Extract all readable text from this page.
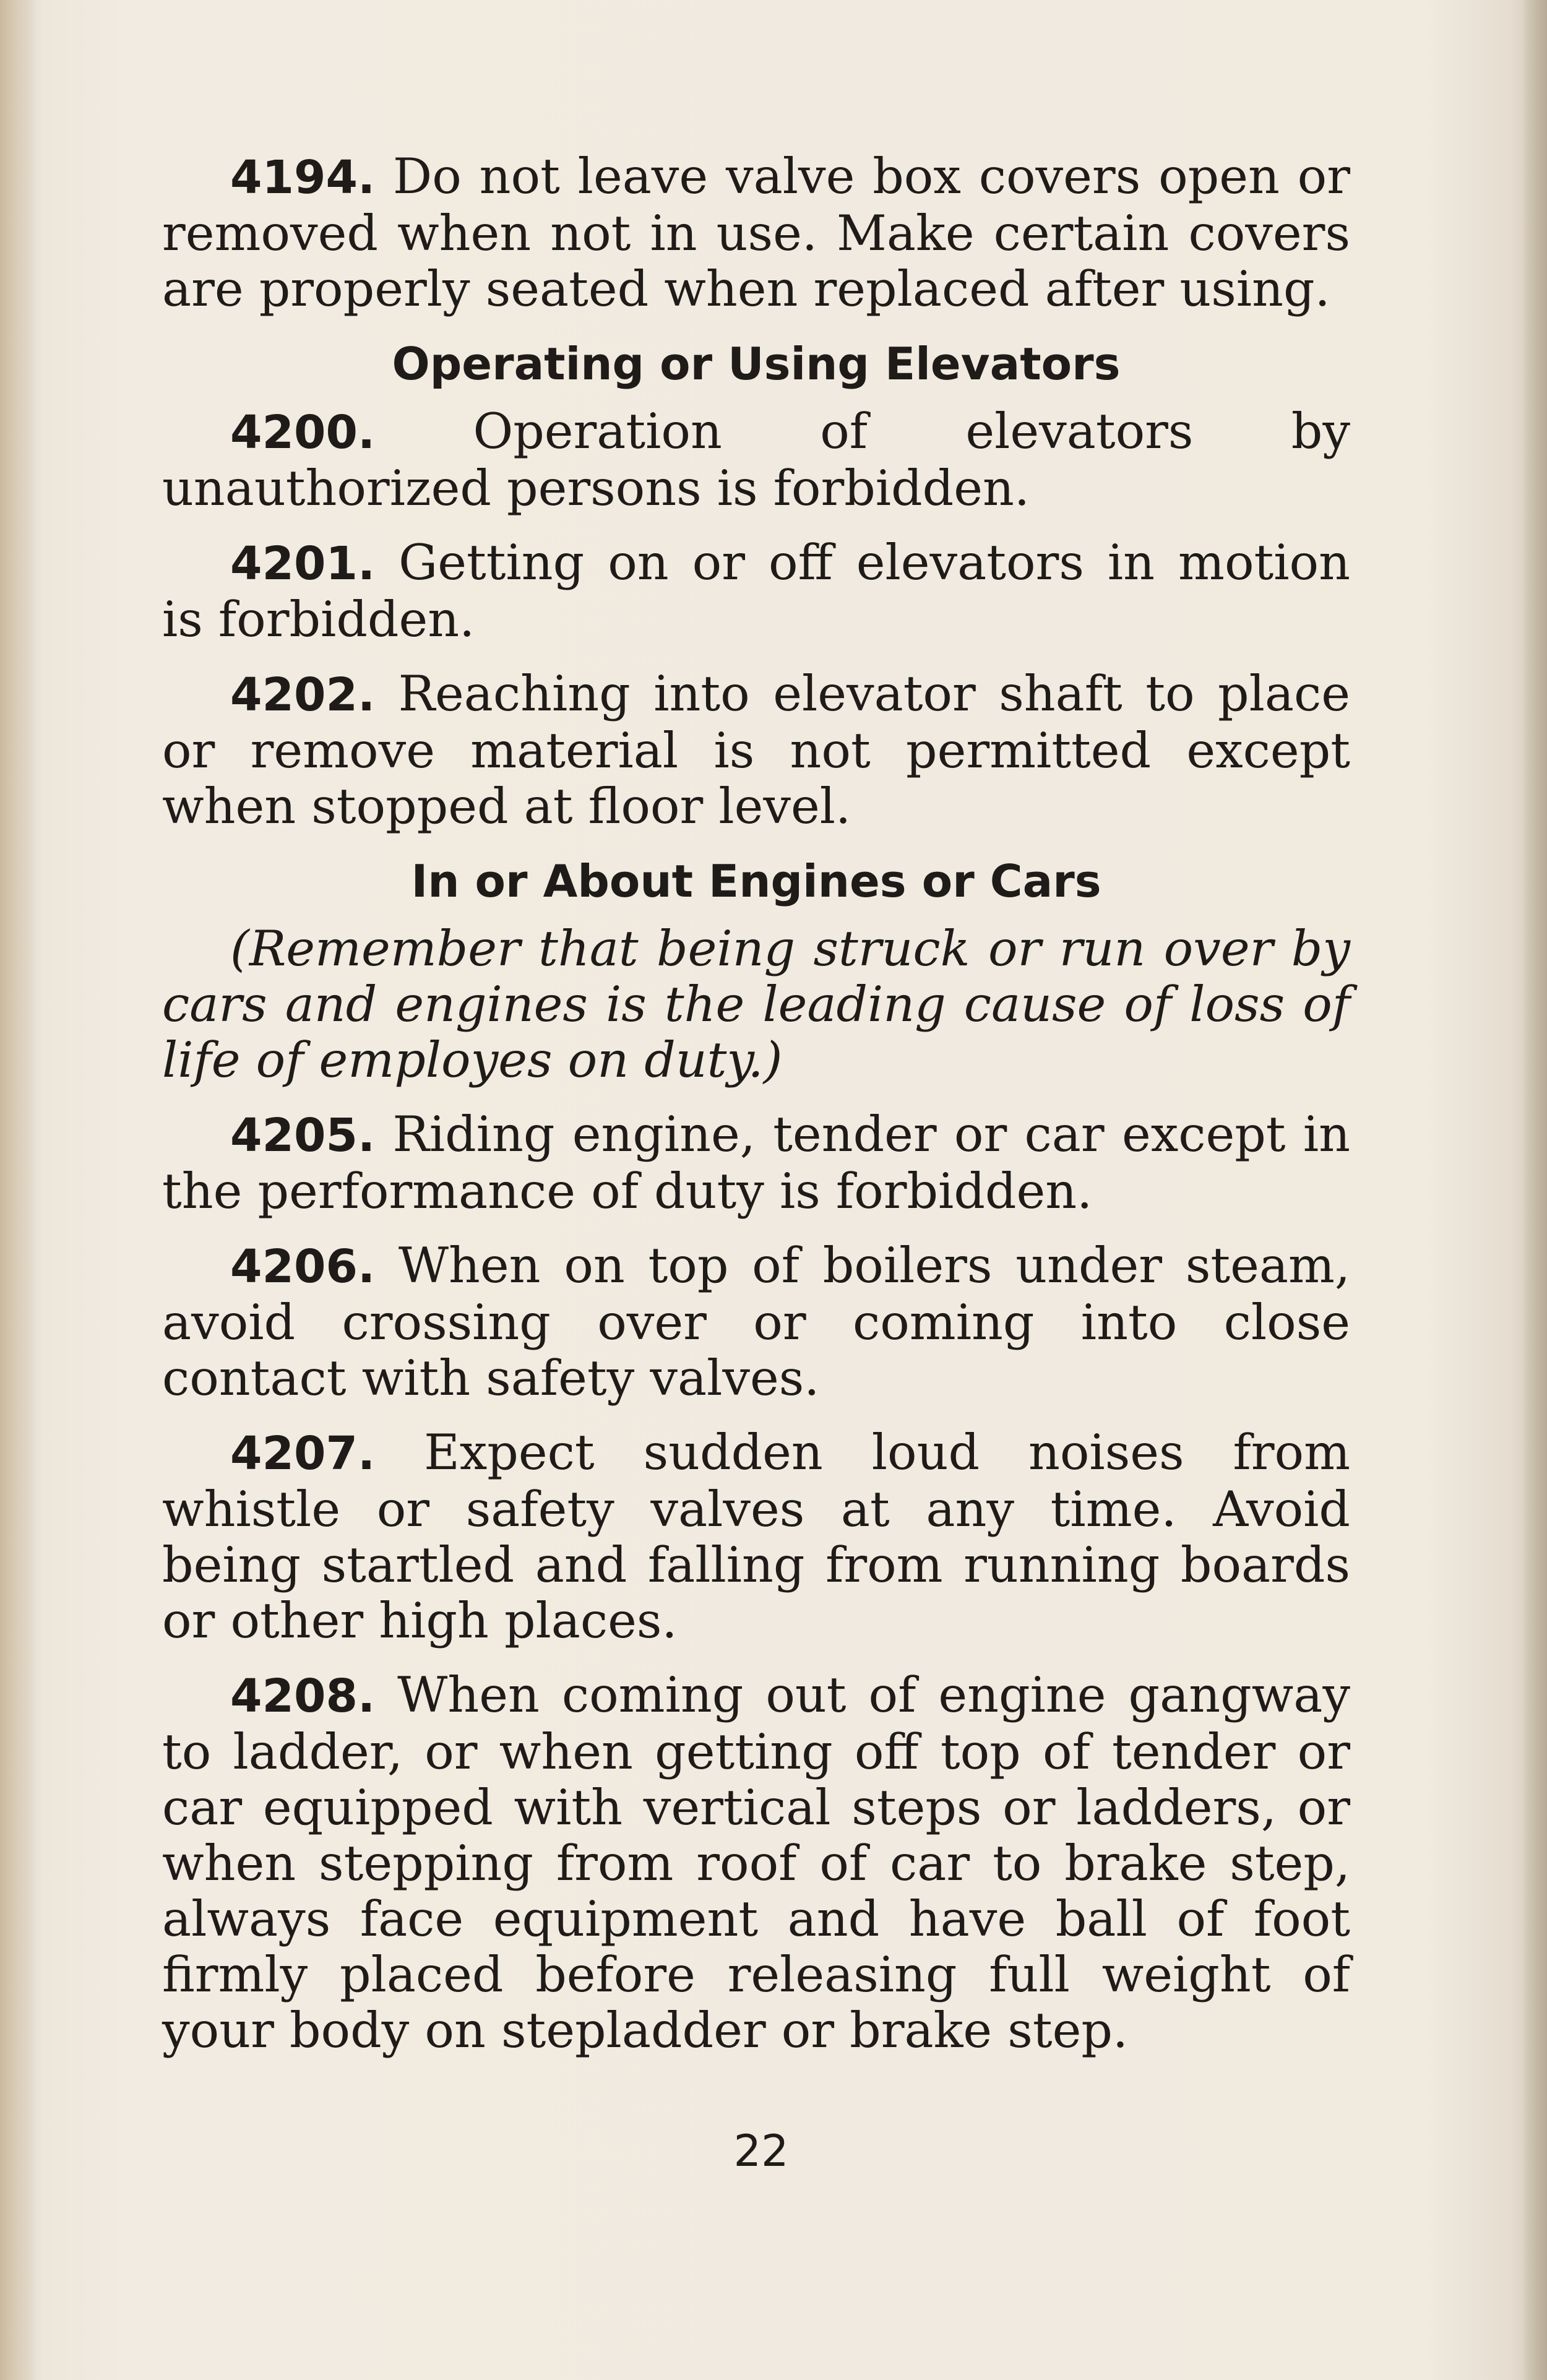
4194. Do not leave valve box covers open or removed when not in use. Make certain covers are properly seated when replaced after using.

Operating or Using Elevators

4200. Operation of elevators by unauthorized persons is forbidden.

4201. Getting on or off elevators in motion is forbidden.

4202. Reaching into elevator shaft to place or remove material is not permitted except when stopped at floor level.

In or About Engines or Cars

(Remember that being struck or run over by cars and engines is the leading cause of loss of life of employes on duty.)

4205. Riding engine, tender or car except in the performance of duty is forbidden.

4206. When on top of boilers under steam, avoid crossing over or coming into close contact with safety valves.

4207. Expect sudden loud noises from whistle or safety valves at any time. Avoid being startled and falling from running boards or other high places.

4208. When coming out of engine gangway to ladder, or when getting off top of tender or car equipped with vertical steps or ladders, or when stepping from roof of car to brake step, always face equipment and have ball of foot firmly placed before releasing full weight of your body on stepladder or brake step.

22
